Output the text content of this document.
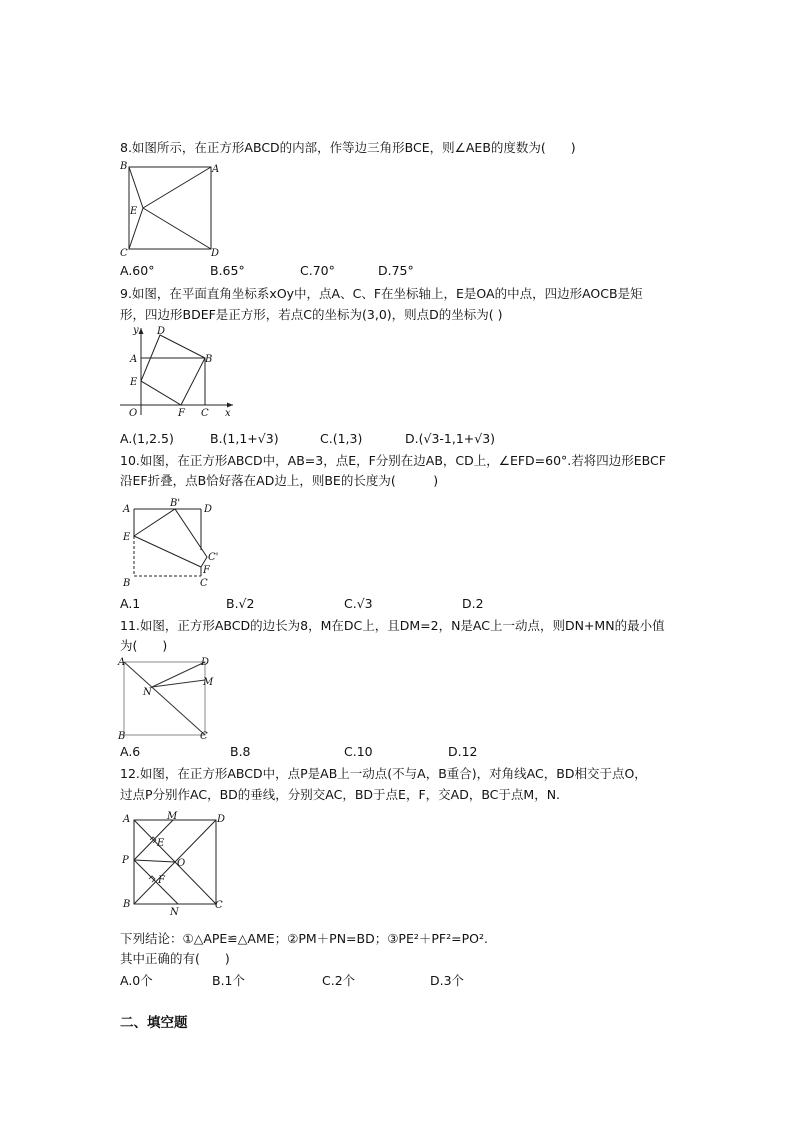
8.如图所示，在正方形ABCD的内部，作等边三角形BCE，则∠AEB的度数为(　　)
B	A
E
C	D
A.60°	B.65°	C.70°	D.75°
9.如图，在平面直角坐标系xOy中，点A、C、F在坐标轴上，E是OA的中点，四边形AOCB是矩
形，四边形BDEF是正方形，若点C的坐标为(3,0)，则点D的坐标为( )
y D
A	B
E
O	F C x
A.(1,2.5)	B.(1,1+√3)	C.(1,3)	D.(√3-1,1+√3)
10.如图，在正方形ABCD中，AB=3，点E，F分别在边AB，CD上，∠EFD=60°.若将四边形EBCF
沿EF折叠，点B恰好落在AD边上，则BE的长度为(　　　)
B'
A	D
E
C'
F
B	C
A.1	B.√2	C.√3	D.2
11.如图，正方形ABCD的边长为8，M在DC上，且DM=2，N是AC上一动点，则DN+MN的最小值
为(　　)
A	D
M
N
B	C
A.6	B.8	C.10	D.12
12.如图，在正方形ABCD中，点P是AB上一动点(不与A，B重合)，对角线AC，BD相交于点O，
过点P分别作AC，BD的垂线，分别交AC，BD于点E，F，交AD，BC于点M，N.
A	M	D
E
P	O
F
B
N
C
下列结论：①△APE≌△AME；②PM＋PN=BD；③PE²＋PF²=PO².
其中正确的有(　　)
A.0个	B.1个	C.2个	D.3个
二、填空题
